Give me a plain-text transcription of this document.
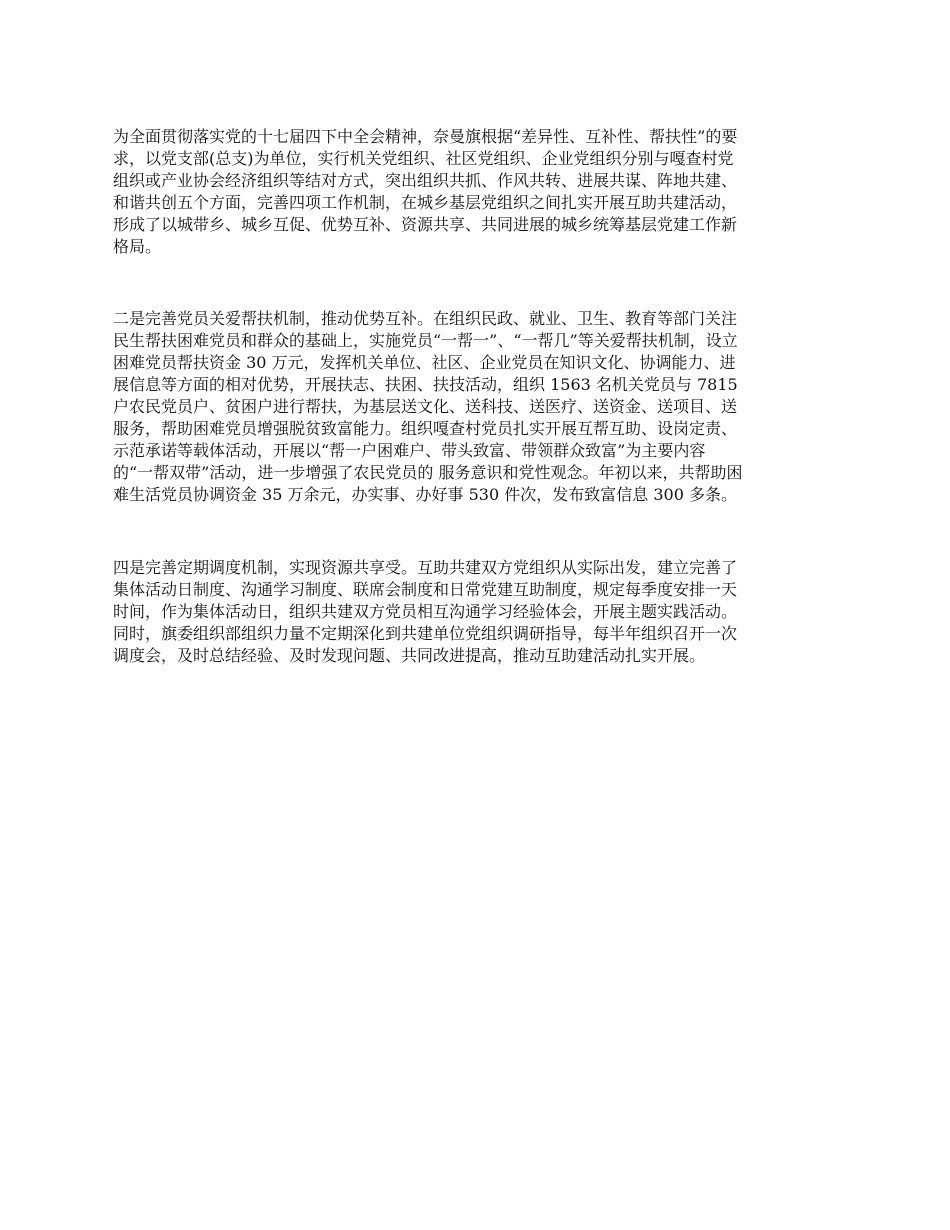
为全面贯彻落实党的十七届四下中全会精神，奈曼旗根据“差异性、互补性、帮扶性”的要
求，以党支部(总支)为单位，实行机关党组织、社区党组织、企业党组织分别与嘎查村党
组织或产业协会经济组织等结对方式，突出组织共抓、作风共转、进展共谋、阵地共建、
和谐共创五个方面，完善四项工作机制，在城乡基层党组织之间扎实开展互助共建活动，
形成了以城带乡、城乡互促、优势互补、资源共享、共同进展的城乡统筹基层党建工作新
格局。

二是完善党员关爱帮扶机制，推动优势互补。在组织民政、就业、卫生、教育等部门关注
民生帮扶困难党员和群众的基础上，实施党员“一帮一”、“一帮几”等关爱帮扶机制，设立
困难党员帮扶资金 30 万元，发挥机关单位、社区、企业党员在知识文化、协调能力、进
展信息等方面的相对优势，开展扶志、扶困、扶技活动，组织 1563 名机关党员与 7815
户农民党员户、贫困户进行帮扶，为基层送文化、送科技、送医疗、送资金、送项目、送
服务，帮助困难党员增强脱贫致富能力。组织嘎查村党员扎实开展互帮互助、设岗定责、
示范承诺等载体活动，开展以“帮一户困难户、带头致富、带领群众致富”为主要内容
的“一帮双带”活动，进一步增强了农民党员的 服务意识和党性观念。年初以来，共帮助困
难生活党员协调资金 35 万余元，办实事、办好事 530 件次，发布致富信息 300 多条。

四是完善定期调度机制，实现资源共享受。互助共建双方党组织从实际出发，建立完善了
集体活动日制度、沟通学习制度、联席会制度和日常党建互助制度，规定每季度安排一天
时间，作为集体活动日，组织共建双方党员相互沟通学习经验体会，开展主题实践活动。
同时，旗委组织部组织力量不定期深化到共建单位党组织调研指导，每半年组织召开一次
调度会，及时总结经验、及时发现问题、共同改进提高，推动互助建活动扎实开展。
